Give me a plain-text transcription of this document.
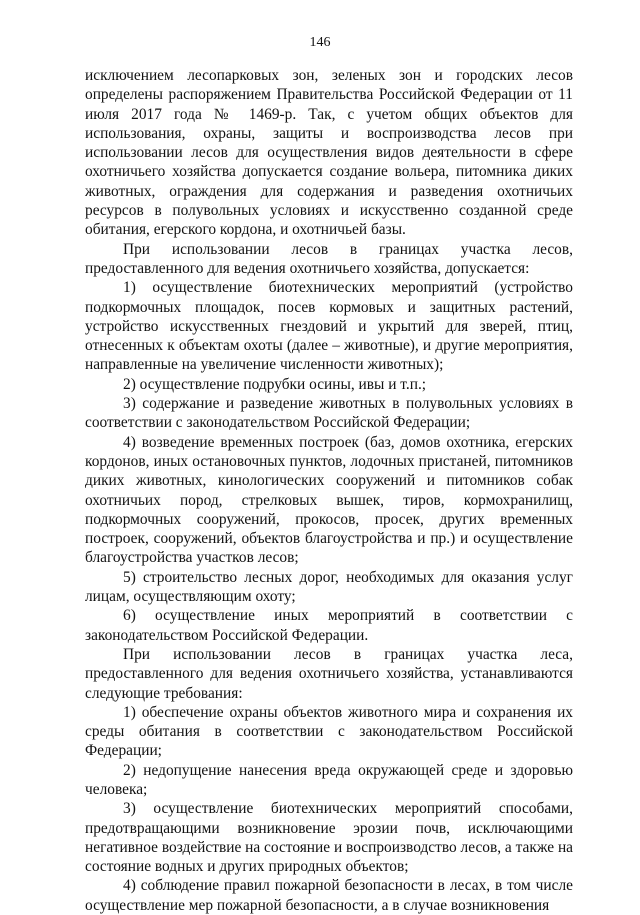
146

исключением лесопарковых зон, зеленых зон и городских лесов определены распоряжением Правительства Российской Федерации от 11 июля 2017 года № 1469-р. Так, с учетом общих объектов для использования, охраны, защиты и воспроизводства лесов при использовании лесов для осуществления видов деятельности в сфере охотничьего хозяйства допускается создание вольера, питомника диких животных, ограждения для содержания и разведения охотничьих ресурсов в полувольных условиях и искусственно созданной среде обитания, егерского кордона, и охотничьей базы.

При использовании лесов в границах участка лесов, предоставленного для ведения охотничьего хозяйства, допускается:

1) осуществление биотехнических мероприятий (устройство подкормочных площадок, посев кормовых и защитных растений, устройство искусственных гнездовий и укрытий для зверей, птиц, отнесенных к объектам охоты (далее – животные), и другие мероприятия, направленные на увеличение численности животных);

2) осуществление подрубки осины, ивы и т.п.;

3) содержание и разведение животных в полувольных условиях в соответствии с законодательством Российской Федерации;

4) возведение временных построек (баз, домов охотника, егерских кордонов, иных остановочных пунктов, лодочных пристаней, питомников диких животных, кинологических сооружений и питомников собак охотничьих пород, стрелковых вышек, тиров, кормохранилищ, подкормочных сооружений, прокосов, просек, других временных построек, сооружений, объектов благоустройства и пр.) и осуществление благоустройства участков лесов;

5) строительство лесных дорог, необходимых для оказания услуг лицам, осуществляющим охоту;

6) осуществление иных мероприятий в соответствии с законодательством Российской Федерации.

При использовании лесов в границах участка леса, предоставленного для ведения охотничьего хозяйства, устанавливаются следующие требования:

1) обеспечение охраны объектов животного мира и сохранения их среды обитания в соответствии с законодательством Российской Федерации;

2) недопущение нанесения вреда окружающей среде и здоровью человека;

3) осуществление биотехнических мероприятий способами, предотвращающими возникновение эрозии почв, исключающими негативное воздействие на состояние и воспроизводство лесов, а также на состояние водных и других природных объектов;

4) соблюдение правил пожарной безопасности в лесах, в том числе осуществление мер пожарной безопасности, а в случае возникновения
